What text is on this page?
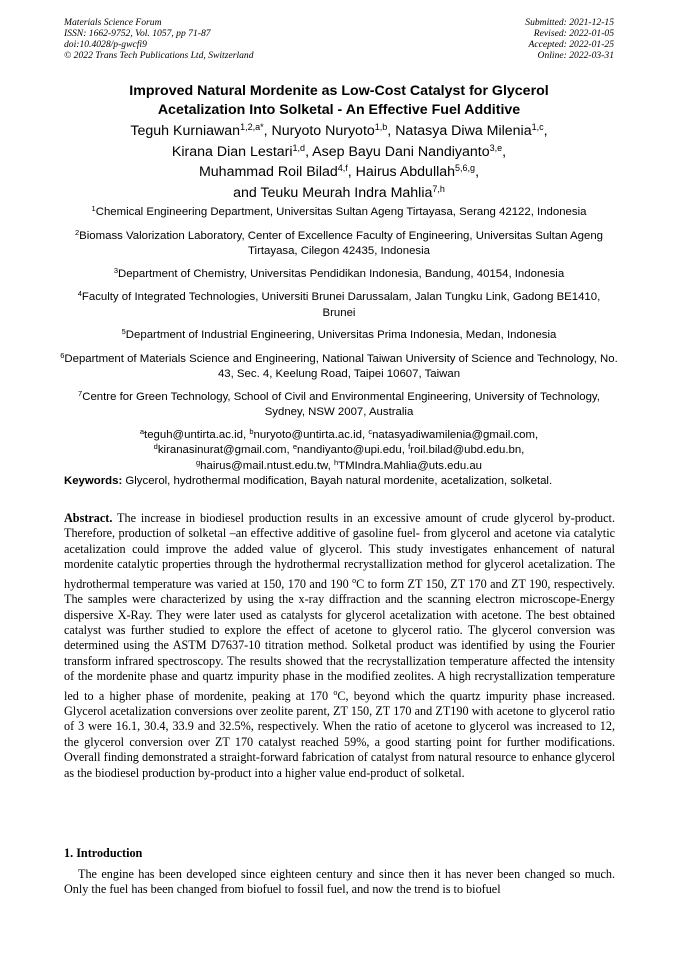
Materials Science Forum
ISSN: 1662-9752, Vol. 1057, pp 71-87
doi:10.4028/p-gwcfi9
© 2022 Trans Tech Publications Ltd, Switzerland
Submitted: 2021-12-15
Revised: 2022-01-05
Accepted: 2022-01-25
Online: 2022-03-31
Improved Natural Mordenite as Low-Cost Catalyst for Glycerol
Acetalization Into Solketal - An Effective Fuel Additive
Teguh Kurniawan$^{1,2,a*}$, Nuryoto Nuryoto$^{1,b}$, Natasya Diwa Milenia$^{1,c}$,
Kirana Dian Lestari$^{1,d}$, Asep Bayu Dani Nandiyanto$^{3,e}$,
Muhammad Roil Bilad$^{4,f}$, Hairus Abdullah$^{5,6,g}$,
and Teuku Meurah Indra Mahlia$^{7,h}$
$^1$Chemical Engineering Department, Universitas Sultan Ageng Tirtayasa, Serang 42122, Indonesia
$^2$Biomass Valorization Laboratory, Center of Excellence Faculty of Engineering, Universitas Sultan Ageng Tirtayasa, Cilegon 42435, Indonesia
$^3$Department of Chemistry, Universitas Pendidikan Indonesia, Bandung, 40154, Indonesia
$^4$Faculty of Integrated Technologies, Universiti Brunei Darussalam, Jalan Tungku Link, Gadong BE1410, Brunei
$^5$Department of Industrial Engineering, Universitas Prima Indonesia, Medan, Indonesia
$^6$Department of Materials Science and Engineering, National Taiwan University of Science and Technology, No. 43, Sec. 4, Keelung Road, Taipei 10607, Taiwan
$^7$Centre for Green Technology, School of Civil and Environmental Engineering, University of Technology, Sydney, NSW 2007, Australia
$^a$teguh@untirta.ac.id, $^b$nuryoto@untirta.ac.id, $^c$natasyadiwamilenia@gmail.com,
$^d$kiranasinurat@gmail.com, $^e$nandiyanto@upi.edu, $^f$roil.bilad@ubd.edu.bn,
$^g$hairus@mail.ntust.edu.tw, $^h$TMIndra.Mahlia@uts.edu.au
Keywords: Glycerol, hydrothermal modification, Bayah natural mordenite, acetalization, solketal.
Abstract. The increase in biodiesel production results in an excessive amount of crude glycerol by-product. Therefore, production of solketal –an effective additive of gasoline fuel- from glycerol and acetone via catalytic acetalization could improve the added value of glycerol. This study investigates enhancement of natural mordenite catalytic properties through the hydrothermal recrystallization method for glycerol acetalization. The hydrothermal temperature was varied at 150, 170 and 190 $^o$C to form ZT 150, ZT 170 and ZT 190, respectively. The samples were characterized by using the x-ray diffraction and the scanning electron microscope-Energy dispersive X-Ray. They were later used as catalysts for glycerol acetalization with acetone. The best obtained catalyst was further studied to explore the effect of acetone to glycerol ratio. The glycerol conversion was determined using the ASTM D7637-10 titration method. Solketal product was identified by using the Fourier transform infrared spectroscopy. The results showed that the recrystallization temperature affected the intensity of the mordenite phase and quartz impurity phase in the modified zeolites. A high recrystallization temperature led to a higher phase of mordenite, peaking at 170 $^o$C, beyond which the quartz impurity phase increased. Glycerol acetalization conversions over zeolite parent, ZT 150, ZT 170 and ZT190 with acetone to glycerol ratio of 3 were 16.1, 30.4, 33.9 and 32.5%, respectively. When the ratio of acetone to glycerol was increased to 12, the glycerol conversion over ZT 170 catalyst reached 59%, a good starting point for further modifications. Overall finding demonstrated a straight-forward fabrication of catalyst from natural resource to enhance glycerol as the biodiesel production by-product into a higher value end-product of solketal.
1. Introduction
The engine has been developed since eighteen century and since then it has never been changed so much. Only the fuel has been changed from biofuel to fossil fuel, and now the trend is to biofuel
